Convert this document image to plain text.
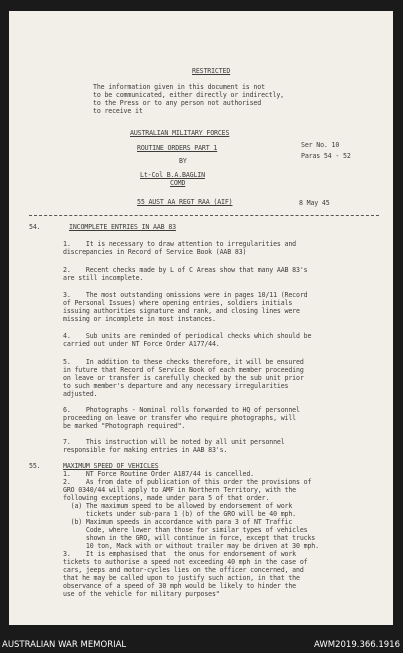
RESTRICTED
The information given in this document is not
to be communicated, either directly or indirectly,
to the Press or to any person not authorised
to receive it
AUSTRALIAN MILITARY FORCES
Ser No. 10
ROUTINE ORDERS PART 1
Paras 54 - 52
BY
Lt-Col B.A.BAGLIN
COMD
55 AUST AA REGT RAA (AIF)	8 May 45
54.	INCOMPLETE ENTRIES IN AAB 83
1.    It is necessary to draw attention to irregularities and
discrepancies in Record of Service Book (AAB 83)
2.    Recent checks made by L of C Areas show that many AAB 83's
are still incomplete.
3.    The most outstanding omissions were in pages 10/11 (Record
of Personal Issues) where opening entries, soldiers initials
issuing authorities signature and rank, and closing lines were
missing or incomplete in most instances.
4.    Sub units are reminded of periodical checks which should be
carried out under NT Force Order A177/44.
5.    In addition to these checks therefore, it will be ensured
in future that Record of Service Book of each member proceeding
on leave or transfer is carefully checked by the sub unit prior
to such member's departure and any necessary irregularities
adjusted.
6.    Photographs - Nominal rolls forwarded to HQ of personnel
proceeding on leave or transfer who require photographs, will
be marked "Photograph required".
7.    This instruction will be noted by all unit personnel
responsible for making entries in AAB 83's.
55.	MAXIMUM SPEED OF VEHICLES
1.    NT Force Routine Order A187/44 is cancelled.
2.    As from date of publication of this order the provisions of
GRO 0340/44 will apply to AMF in Northern Territory, with the
following exceptions, made under para 5 of that order.
(a) The maximum speed to be allowed by endorsement of work
tickets under sub-para 1 (b) of the GRO will be 40 mph.
(b) Maximum speeds in accordance with para 3 of NT Traffic
Code, where lower than those for similar types of vehicles
shown in the GRO, will continue in force, except that trucks
10 ton, Mack with or without trailer may be driven at 30 mph.
3.    It is emphasised that  the onus for endorsement of work
tickets to authorise a speed not exceeding 40 mph in the case of
cars, jeeps and motor-cycles lies on the officer concerned, and
that he may be called upon to justify such action, in that the
observance of a speed of 30 mph would be likely to hinder the
use of the vehicle for military purposes"
AUSTRALIAN WAR MEMORIAL	AWM2019.366.1916
